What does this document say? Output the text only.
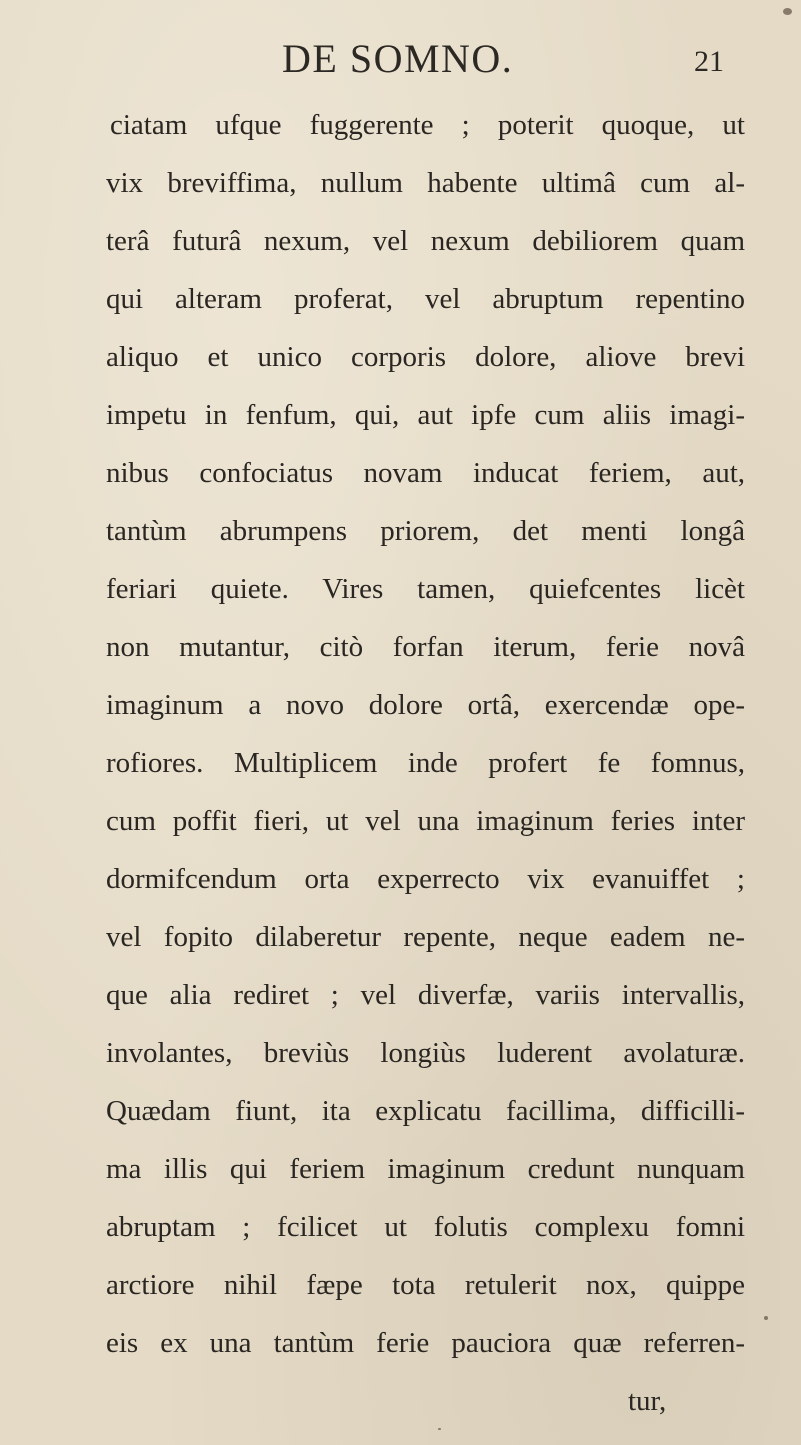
DE SOMNO.	21
ciatam ufque fuggerente ; poterit quoque, ut
vix breviffima, nullum habente ultimâ cum al-
terâ futurâ nexum, vel nexum debiliorem quam
qui alteram proferat, vel abruptum repentino
aliquo et unico corporis dolore, aliove brevi
impetu in fenfum, qui, aut ipfe cum aliis imagi-
nibus confociatus novam inducat feriem, aut,
tantùm abrumpens priorem, det menti longâ
feriari quiete. Vires tamen, quiefcentes licèt
non mutantur, citò forfan iterum, ferie novâ
imaginum a novo dolore ortâ, exercendæ ope-
rofiores. Multiplicem inde profert fe fomnus,
cum poffit fieri, ut vel una imaginum feries inter
dormifcendum orta experrecto vix evanuiffet ;
vel fopito dilaberetur repente, neque eadem ne-
que alia rediret ; vel diverfæ, variis intervallis,
involantes, breviùs longiùs luderent avolaturæ.
Quædam fiunt, ita explicatu facillima, difficilli-
ma illis qui feriem imaginum credunt nunquam
abruptam ; fcilicet ut folutis complexu fomni
arctiore nihil fæpe tota retulerit nox, quippe
eis ex una tantùm ferie pauciora quæ referren-
tur,
